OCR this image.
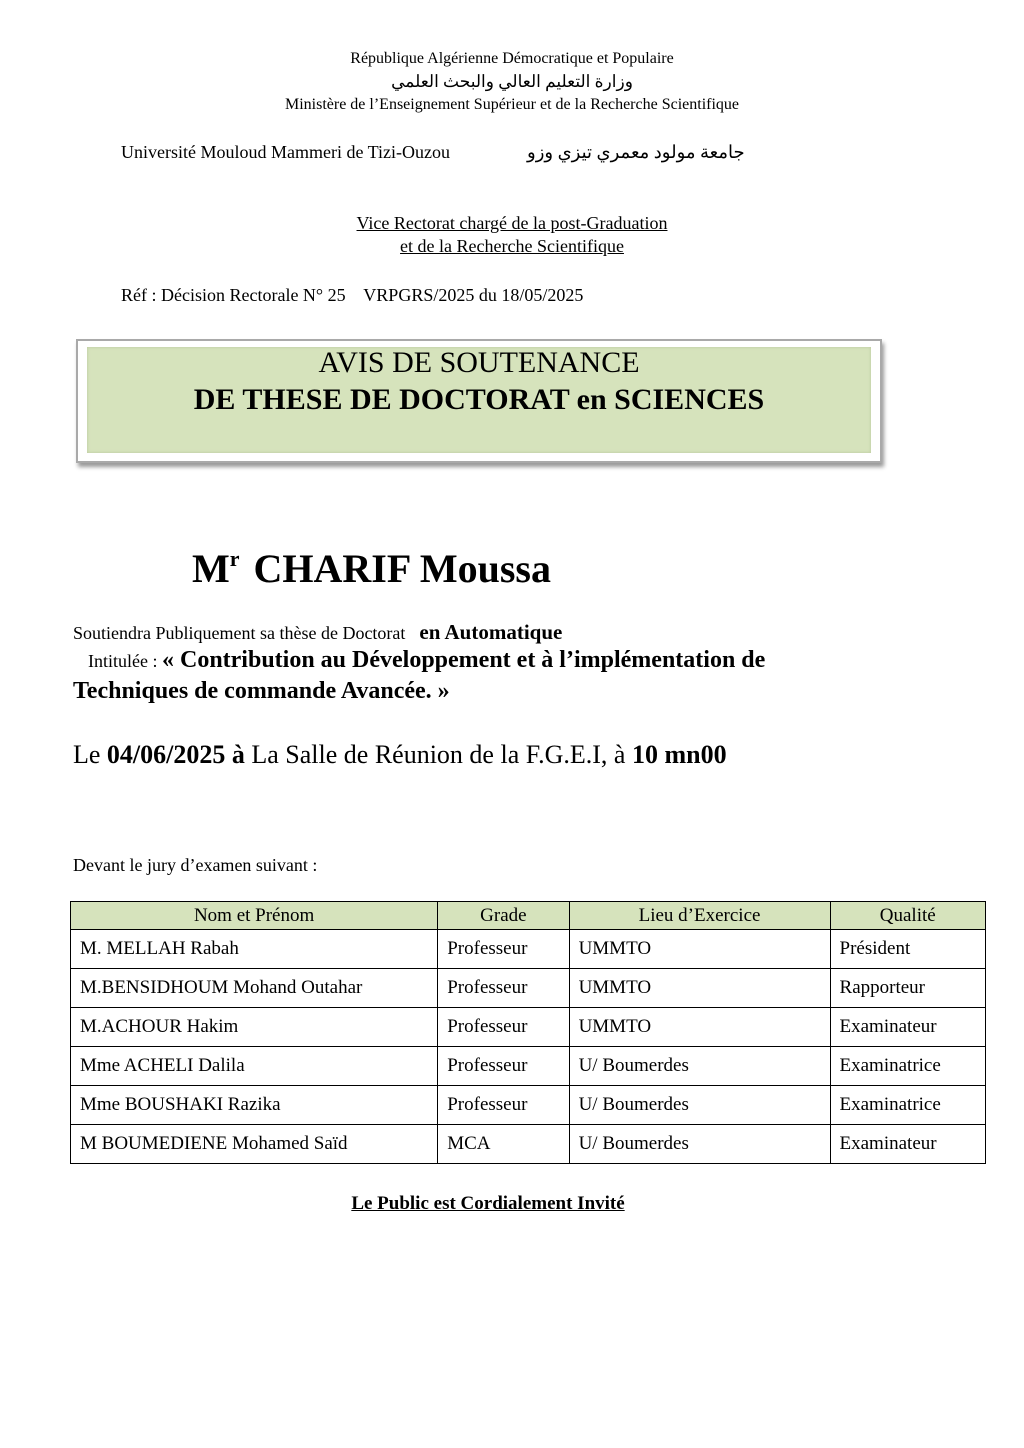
République Algérienne Démocratique et Populaire
وزارة التعليم العالي والبحث العلمي
Ministère de l’Enseignement Supérieur et de la Recherche Scientifique
Université Mouloud Mammeri de Tizi-Ouzou	جامعة مولود معمري تيزي وزو
Vice Rectorat chargé de la post-Graduation
et de la Recherche Scientifique
Réf : Décision Rectorale N° 25    VRPGRS/2025 du 18/05/2025
AVIS DE SOUTENANCE
DE THESE DE DOCTORAT en SCIENCES
$M^r$ CHARIF Moussa
Soutiendra Publiquement sa thèse de Doctorat en Automatique
Intitulée : « Contribution au Développement et à l’implémentation de
Techniques de commande Avancée. »
Le 04/06/2025 à La Salle de Réunion de la F.G.E.I, à 10 mn00
Devant le jury d’examen suivant :
Nom et Prénom	Grade	Lieu d’Exercice	Qualité
M. MELLAH Rabah	Professeur	UMMTO	Président
M.BENSIDHOUM Mohand Outahar	Professeur	UMMTO	Rapporteur
M.ACHOUR Hakim	Professeur	UMMTO	Examinateur
Mme ACHELI Dalila	Professeur	U/ Boumerdes	Examinatrice
Mme BOUSHAKI Razika	Professeur	U/ Boumerdes	Examinatrice
M BOUMEDIENE Mohamed Saïd	MCA	U/ Boumerdes	Examinateur
Le Public est Cordialement Invité
